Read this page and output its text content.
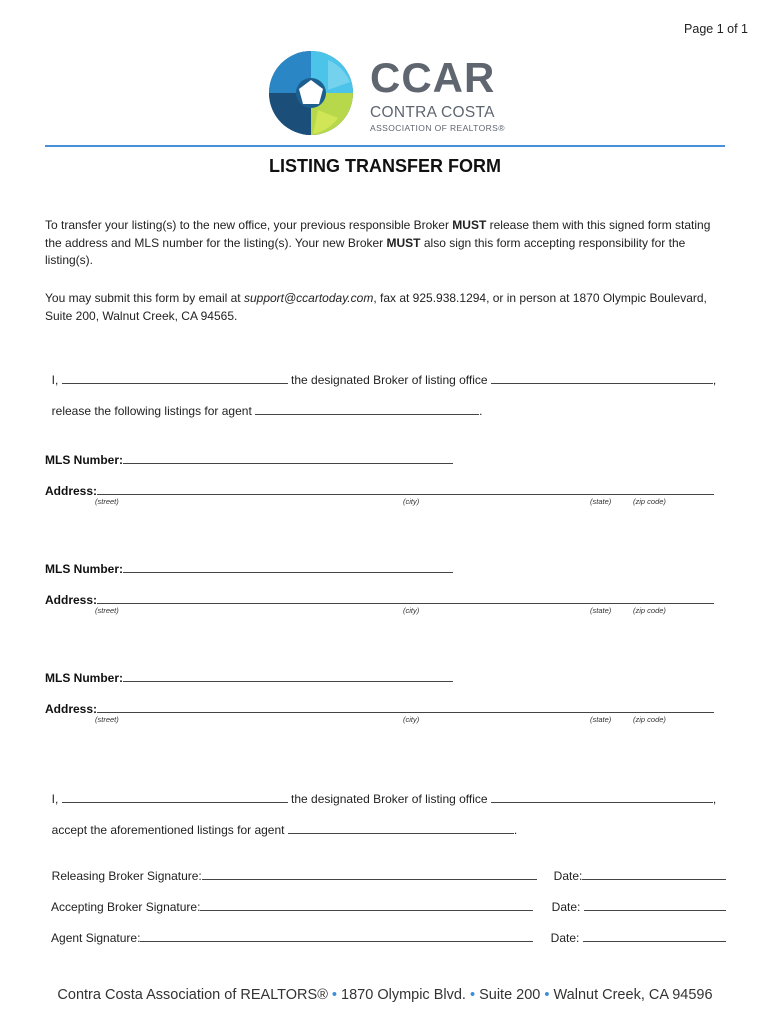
Page 1 of 1
CCAR
CONTRA COSTA
ASSOCIATION OF REALTORS®
LISTING TRANSFER FORM
To transfer your listing(s) to the new office, your previous responsible Broker MUST release them with this signed form stating the address and MLS number for the listing(s). Your new Broker MUST also sign this form accepting responsibility for the listing(s).
You may submit this form by email at support@ccartoday.com, fax at 925.938.1294, or in person at 1870 Olympic Boulevard, Suite 200, Walnut Creek, CA 94565.

I,	the designated Broker of listing office	,

release the following listings for agent	.

MLS Number:
Address:
(street)	(city)	(state)	(zip code)
MLS Number:
Address:
(street)	(city)	(state)	(zip code)
MLS Number:
Address:
(street)	(city)	(state)	(zip code)

I,	the designated Broker of listing office	,

accept the aforementioned listings for agent	.

Releasing Broker Signature:	Date:

Accepting Broker Signature:	Date:

Agent Signature:	Date:

Contra Costa Association of REALTORS® • 1870 Olympic Blvd. • Suite 200 • Walnut Creek, CA 94596
